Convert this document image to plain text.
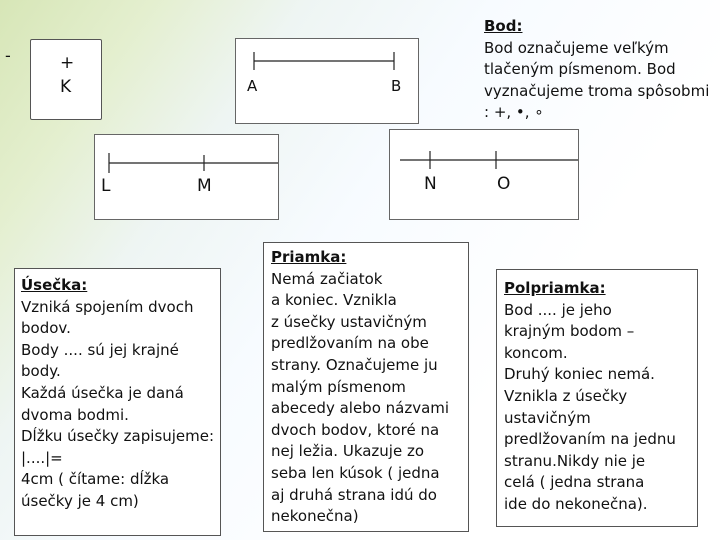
-	+
K	A	B
L	M	N	O
Bod:
Bod označujeme veľkým tlačeným písmenom. Bod vyznačujeme troma spôsobmi : +, •, ∘
Úsečka:
Vzniká spojením dvoch bodov.
Body .... sú jej krajné body.
Každá úsečka je daná dvoma bodmi.
Dĺžku úsečky zapisujeme: |....|=
4cm ( čítame: dĺžka úsečky je 4 cm)
Priamka:
Nemá začiatok
a koniec. Vznikla
z úsečky ustavičným
predlžovaním na obe
strany. Označujeme ju
malým písmenom
abecedy alebo názvami
dvoch bodov, ktoré na
nej ležia. Ukazuje zo
seba len kúsok ( jedna
aj druhá strana idú do
nekonečna)
Polpriamka:
Bod .... je jeho
krajným bodom –
koncom.
Druhý koniec nemá.
Vznikla z úsečky
ustavičným
predlžovaním na jednu
stranu.Nikdy nie je
celá ( jedna strana
ide do nekonečna).
